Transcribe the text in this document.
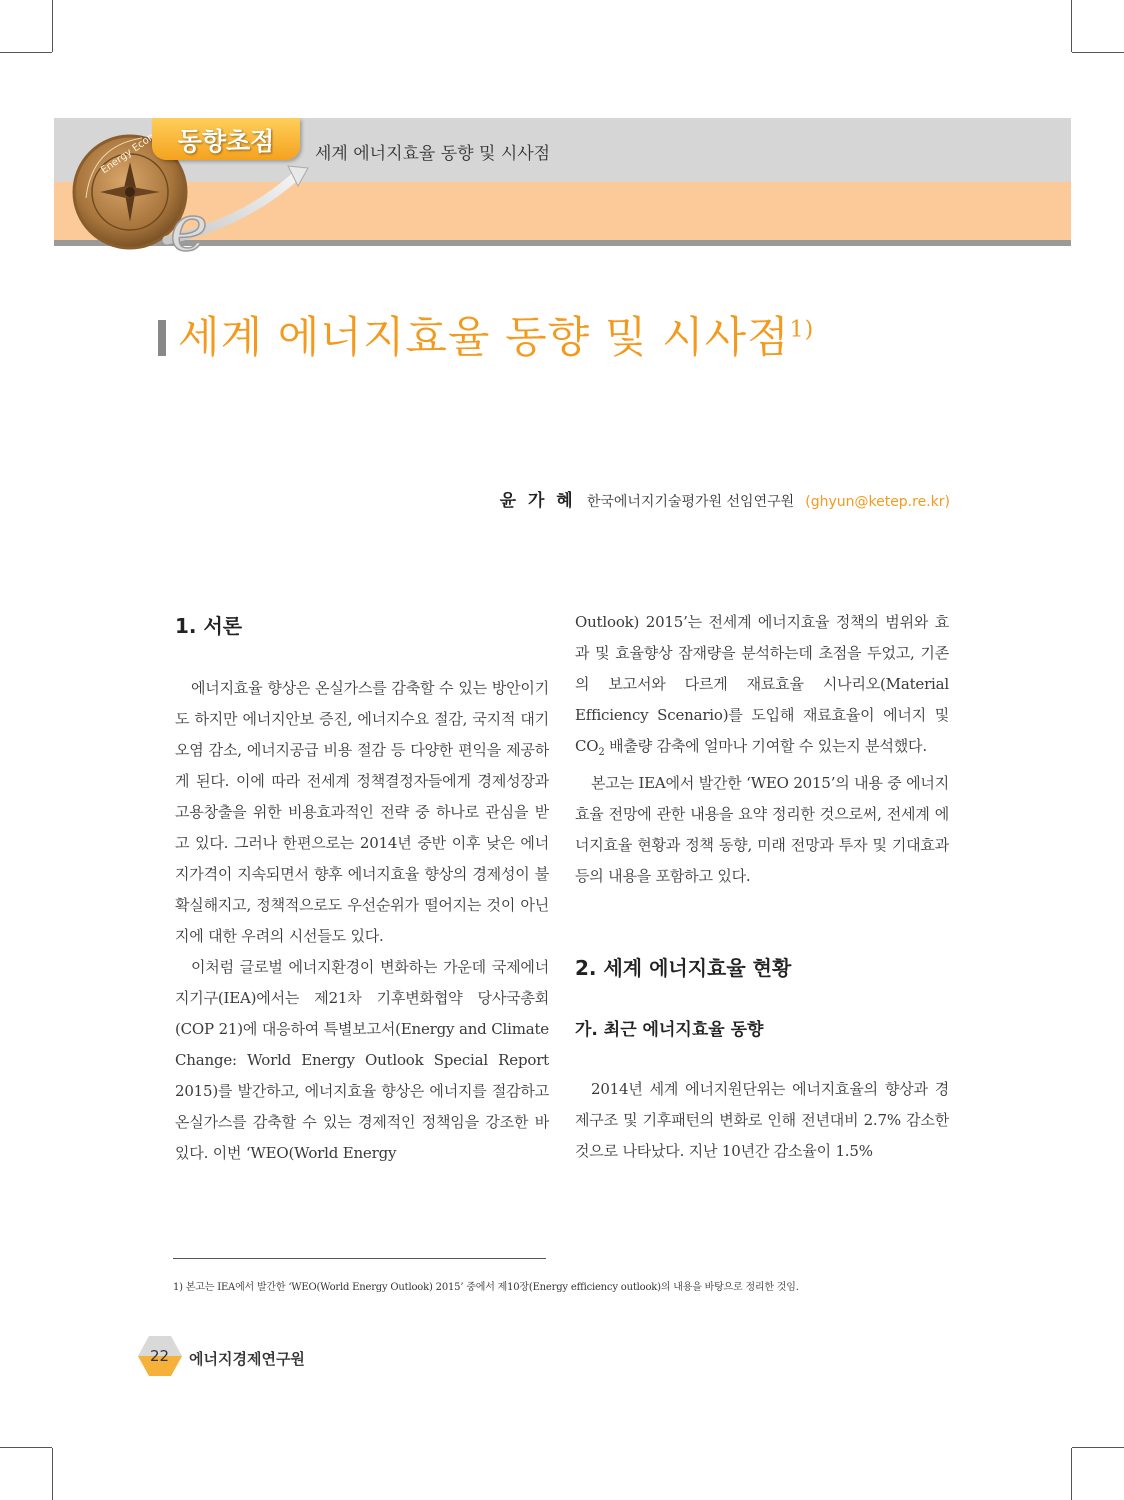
e
동향초점	세계 에너지효율 동향 및 시사점
세계 에너지효율 동향 및 시사점$^{1)}$
윤 가 혜 한국에너지기술평가원 선임연구원 (ghyun@ketep.re.kr)
1. 서론

에너지효율 향상은 온실가스를 감축할 수 있는 방안이기도 하지만 에너지안보 증진, 에너지수요 절감, 국지적 대기오염 감소, 에너지공급 비용 절감 등 다양한 편익을 제공하게 된다. 이에 따라 전세계 정책결정자들에게 경제성장과 고용창출을 위한 비용효과적인 전략 중 하나로 관심을 받고 있다. 그러나 한편으로는 2014년 중반 이후 낮은 에너지가격이 지속되면서 향후 에너지효율 향상의 경제성이 불확실해지고, 정책적으로도 우선순위가 떨어지는 것이 아닌지에 대한 우려의 시선들도 있다.

이처럼 글로벌 에너지환경이 변화하는 가운데 국제에너지기구(IEA)에서는 제21차 기후변화협약 당사국총회(COP 21)에 대응하여 특별보고서(Energy and Climate Change: World Energy Outlook Special Report 2015)를 발간하고, 에너지효율 향상은 에너지를 절감하고 온실가스를 감축할 수 있는 경제적인 정책임을 강조한 바 있다. 이번 ‘WEO(World Energy

Outlook) 2015’는 전세계 에너지효율 정책의 범위와 효과 및 효율향상 잠재량을 분석하는데 초점을 두었고, 기존의 보고서와 다르게 재료효율 시나리오(Material Efficiency Scenario)를 도입해 재료효율이 에너지 및 $CO_2$ 배출량 감축에 얼마나 기여할 수 있는지 분석했다.

본고는 IEA에서 발간한 ‘WEO 2015’의 내용 중 에너지효율 전망에 관한 내용을 요약 정리한 것으로써, 전세계 에너지효율 현황과 정책 동향, 미래 전망과 투자 및 기대효과 등의 내용을 포함하고 있다.

2. 세계 에너지효율 현황
가. 최근 에너지효율 동향

2014년 세계 에너지원단위는 에너지효율의 향상과 경제구조 및 기후패턴의 변화로 인해 전년대비 2.7% 감소한 것으로 나타났다. 지난 10년간 감소율이 1.5%

1) 본고는 IEA에서 발간한 ‘WEO(World Energy Outlook) 2015’ 중에서 제10장(Energy efficiency outlook)의 내용을 바탕으로 정리한 것임.
22 에너지경제연구원
